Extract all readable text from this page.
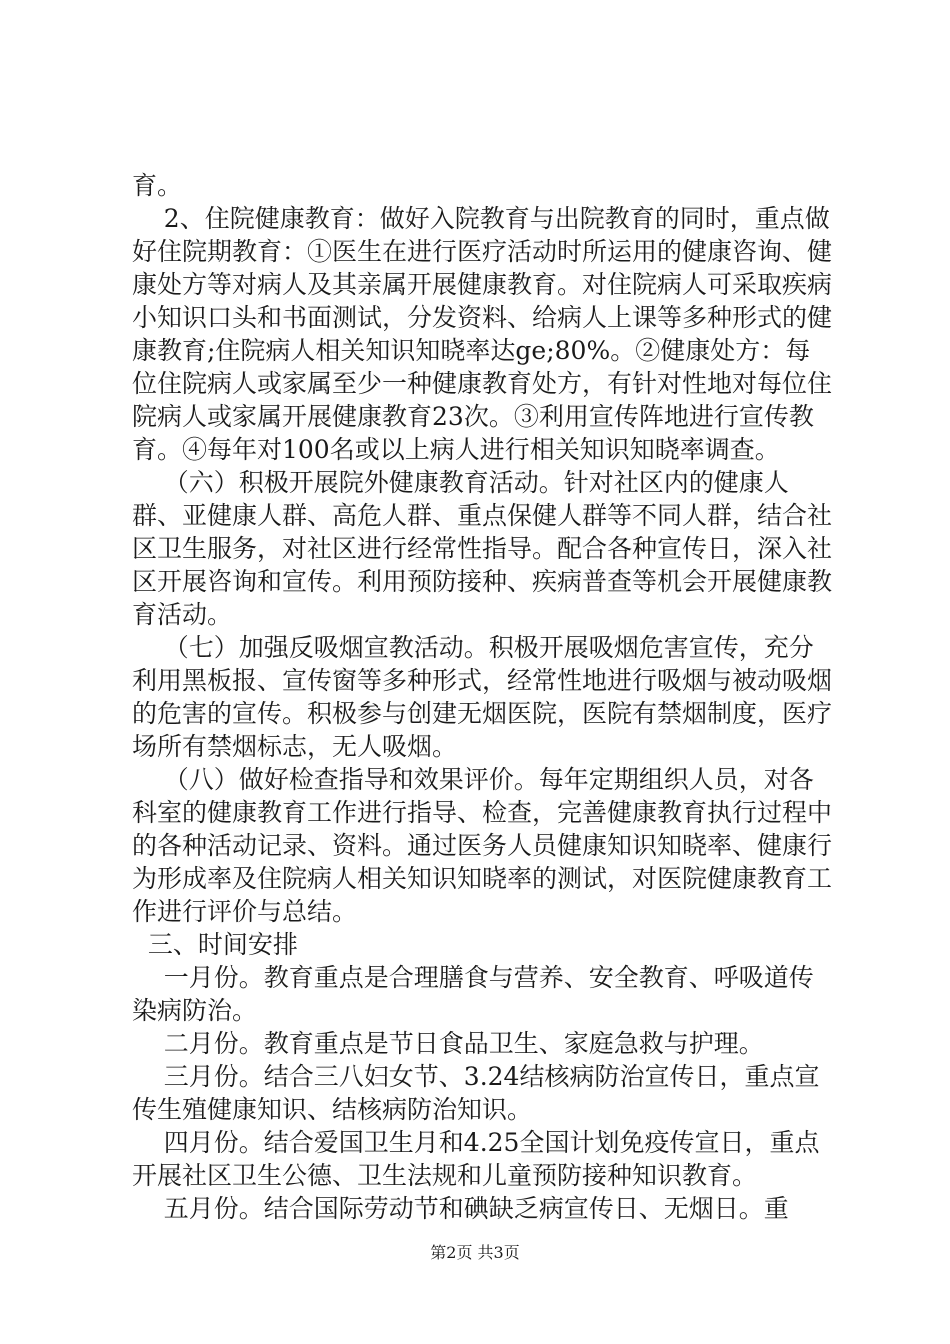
育。

2、住院健康教育：做好入院教育与出院教育的同时，重点做好住院期教育：①医生在进行医疗活动时所运用的健康咨询、健康处方等对病人及其亲属开展健康教育。对住院病人可采取疾病小知识口头和书面测试，分发资料、给病人上课等多种形式的健康教育;住院病人相关知识知晓率达ge;80%。②健康处方：每位住院病人或家属至少一种健康教育处方，有针对性地对每位住院病人或家属开展健康教育23次。③利用宣传阵地进行宣传教育。④每年对100名或以上病人进行相关知识知晓率调查。

（六）积极开展院外健康教育活动。针对社区内的健康人群、亚健康人群、高危人群、重点保健人群等不同人群，结合社区卫生服务，对社区进行经常性指导。配合各种宣传日，深入社区开展咨询和宣传。利用预防接种、疾病普查等机会开展健康教育活动。

（七）加强反吸烟宣教活动。积极开展吸烟危害宣传，充分利用黑板报、宣传窗等多种形式，经常性地进行吸烟与被动吸烟的危害的宣传。积极参与创建无烟医院，医院有禁烟制度，医疗场所有禁烟标志，无人吸烟。

（八）做好检查指导和效果评价。每年定期组织人员，对各科室的健康教育工作进行指导、检查，完善健康教育执行过程中的各种活动记录、资料。通过医务人员健康知识知晓率、健康行为形成率及住院病人相关知识知晓率的测试，对医院健康教育工作进行评价与总结。

三、时间安排

一月份。教育重点是合理膳食与营养、安全教育、呼吸道传染病防治。

二月份。教育重点是节日食品卫生、家庭急救与护理。

三月份。结合三八妇女节、3.24结核病防治宣传日，重点宣传生殖健康知识、结核病防治知识。

四月份。结合爱国卫生月和4.25全国计划免疫传宣日，重点开展社区卫生公德、卫生法规和儿童预防接种知识教育。

五月份。结合国际劳动节和碘缺乏病宣传日、无烟日。重

第2页 共3页
